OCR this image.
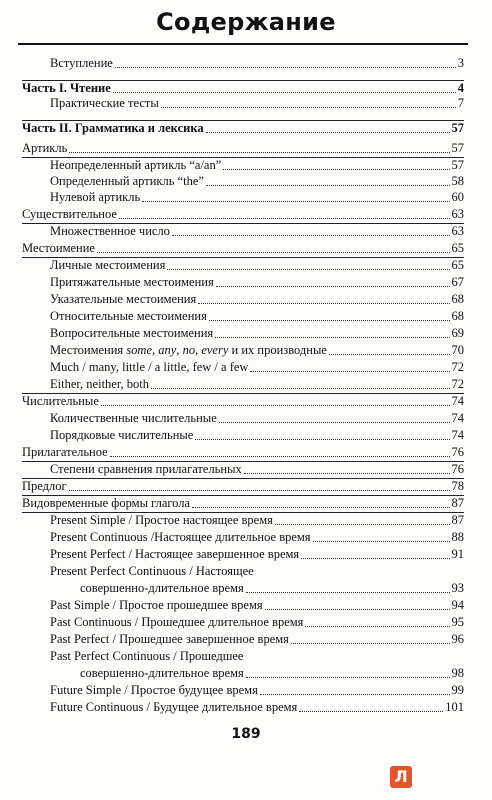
Содержание
Вступление	3
Часть I. Чтение	4
Практические тесты	7
Часть II. Грамматика и лексика	57
Артикль	57
Неопределенный артикль “a/an”	57
Определенный артикль “the”	58
Нулевой артикль	60
Существительное	63
Множественное число	63
Местоимение	65
Личные местоимения	65
Притяжательные местоимения	67
Указательные местоимения	68
Относительные местоимения	68
Вопросительные местоимения	69
Местоимения some, any, no, every и их производные	70
Much / many, little / a little, few / a few	72
Either, neither, both	72
Числительные	74
Количественные числительные	74
Порядковые числительные	74
Прилагательное	76
Степени сравнения прилагательных	76
Предлог	78
Видовременные формы глагола	87
Present Simple / Простое настоящее время	87
Present Continuous /Настоящее длительное время	88
Present Perfect / Настоящее завершенное время	91
Present Perfect Continuous / Настоящее
совершенно-длительное время	93
Past Simple / Простое прошедшее время	94
Past Continuous / Прошедшее длительное время	95
Past Perfect / Прошедшее завершенное время	96
Past Perfect Continuous / Прошедшее
совершенно-длительное время	98
Future Simple / Простое будущее время	99
Future Continuous / Будущее длительное время	101
189
Л
